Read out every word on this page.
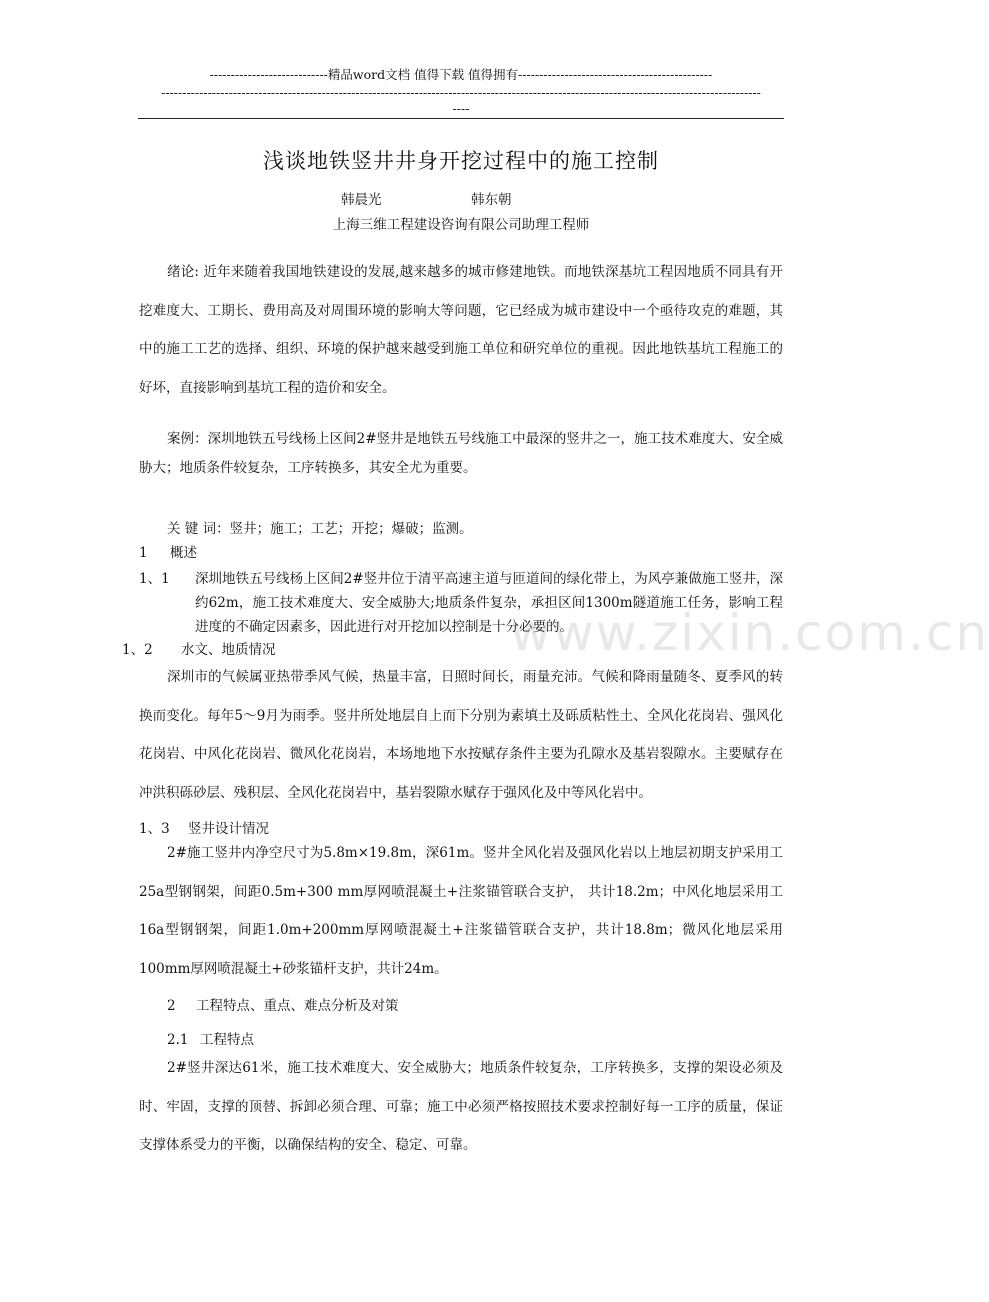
----------------------------精品word文档 值得下载 值得拥有----------------------------------------------
----------------------------------------------------------------------------------------------------------------------------------------------
----
浅谈地铁竖井井身开挖过程中的施工控制
韩晨光	韩东朝
上海三维工程建设咨询有限公司助理工程师

绪论: 近年来随着我国地铁建设的发展,越来越多的城市修建地铁。而地铁深基坑工程因地质不同具有开挖难度大、工期长、费用高及对周围环境的影响大等问题，它已经成为城市建设中一个亟待攻克的难题，其中的施工工艺的选择、组织、环境的保护越来越受到施工单位和研究单位的重视。因此地铁基坑工程施工的好坏，直接影响到基坑工程的造价和安全。

案例：深圳地铁五号线杨上区间2#竖井是地铁五号线施工中最深的竖井之一，施工技术难度大、安全威胁大；地质条件较复杂，工序转换多，其安全尤为重要。

关 键 词：竖井；施工；工艺；开挖；爆破；监测。
1 概述
1、1 深圳地铁五号线杨上区间2#竖井位于清平高速主道与匝道间的绿化带上，为风亭兼做施工竖井，深约62m，施工技术难度大、安全威胁大;地质条件复杂，承担区间1300m隧道施工任务，影响工程进度的不确定因素多，因此进行对开挖加以控制是十分必要的。

1、2 水文、地质情况

深圳市的气候属亚热带季风气候，热量丰富，日照时间长，雨量充沛。气候和降雨量随冬、夏季风的转换而变化。每年5～9月为雨季。竖井所处地层自上而下分别为素填土及砾质粘性土、全风化花岗岩、强风化花岗岩、中风化花岗岩、微风化花岗岩，本场地地下水按赋存条件主要为孔隙水及基岩裂隙水。主要赋存在冲洪积砾砂层、残积层、全风化花岗岩中，基岩裂隙水赋存于强风化及中等风化岩中。

1、3 竖井设计情况

2#施工竖井内净空尺寸为5.8m×19.8m，深61m。竖井全风化岩及强风化岩以上地层初期支护采用工25a型钢钢架，间距0.5m+300 mm厚网喷混凝土+注浆锚管联合支护， 共计18.2m；中风化地层采用工16a型钢钢架，间距1.0m+200mm厚网喷混凝土+注浆锚管联合支护，共计18.8m；微风化地层采用100mm厚网喷混凝土+砂浆锚杆支护，共计24m。

2 工程特点、重点、难点分析及对策
2.1 工程特点

2#竖井深达61米，施工技术难度大、安全威胁大；地质条件较复杂，工序转换多，支撑的架设必须及时、牢固，支撑的顶替、拆卸必须合理、可靠；施工中必须严格按照技术要求控制好每一工序的质量，保证支撑体系受力的平衡，以确保结构的安全、稳定、可靠。

www.zixin.com.cn
